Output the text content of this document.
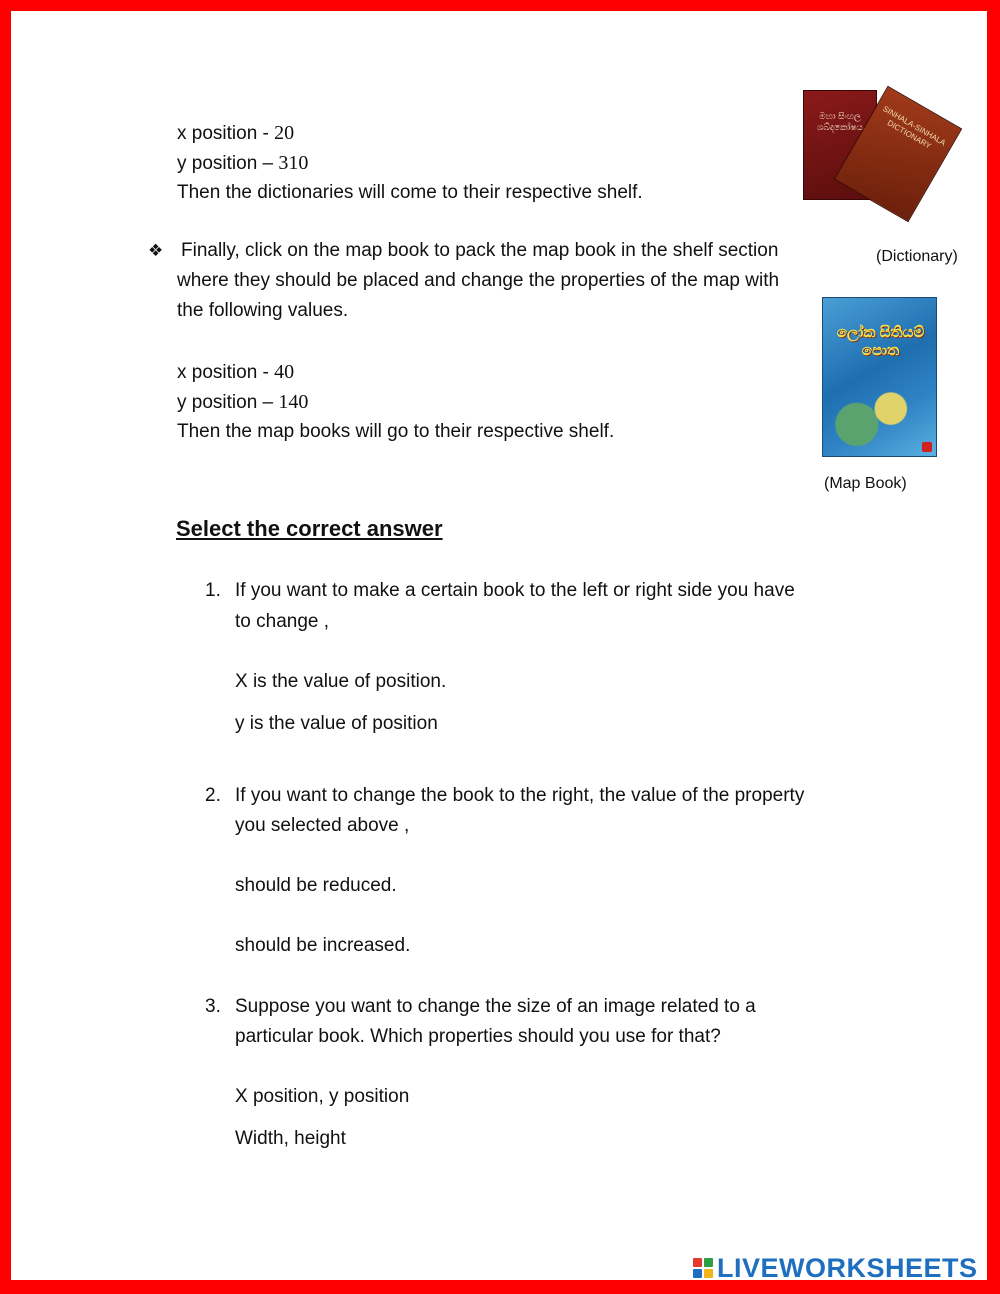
x position - 20
y position – 310
Then the dictionaries will come to their respective shelf.
මහා සිංහල ශබ්දකෝෂය	SINHALA-SINHALA DICTIONARY
(Dictionary)
❖ Finally, click on the map book to pack the map book in the shelf section
where they should be placed and change the properties of the map with
the following values.
x position - 40
y position – 140
Then the map books will go to their respective shelf.
ලෝක සිතියම් පොත
(Map Book)
Select the correct answer
1. If you want to make a certain book to the left or right side you have
to change ,
X is the value of position.
y is the value of position
2. If you want to change the book to the right, the value of the property
you selected above ,
should be reduced.
should be increased.
3. Suppose you want to change the size of an image related to a
particular book. Which properties should you use for that?
X position, y position
Width, height
LIVEWORKSHEETS
